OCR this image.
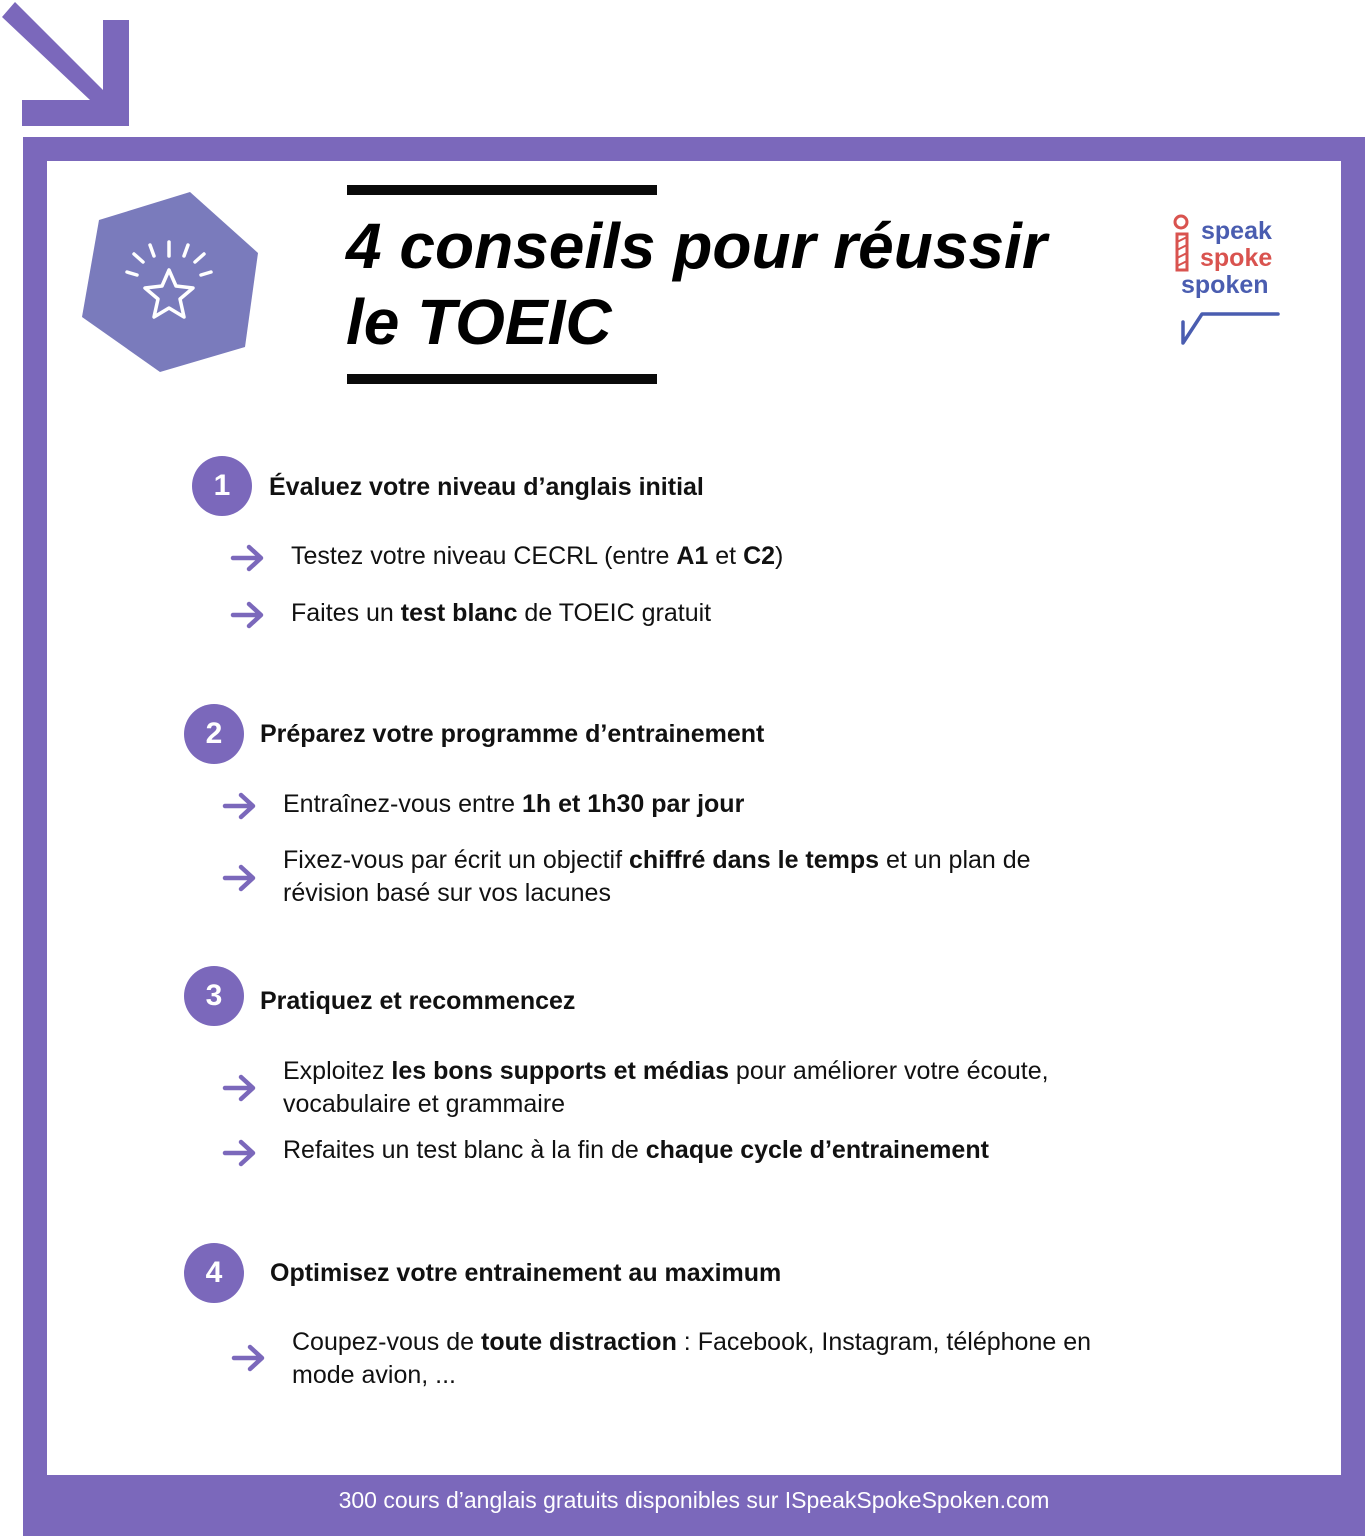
4 conseils pour réussir
le TOEIC
speak
spoke
spoken
1	Évaluez votre niveau d’anglais initial
Testez votre niveau CECRL (entre A1 et C2)
Faites un test blanc de TOEIC gratuit
2	Préparez votre programme d’entrainement
Entraînez-vous entre 1h et 1h30 par jour
Fixez-vous par écrit un objectif chiffré dans le temps et un plan de
révision basé sur vos lacunes
3	Pratiquez et recommencez
Exploitez les bons supports et médias pour améliorer votre écoute,
vocabulaire et grammaire
Refaites un test blanc à la fin de chaque cycle d’entrainement
4	Optimisez votre entrainement au maximum
Coupez-vous de toute distraction : Facebook, Instagram, téléphone en
mode avion, ...
300 cours d’anglais gratuits disponibles sur ISpeakSpokeSpoken.com
